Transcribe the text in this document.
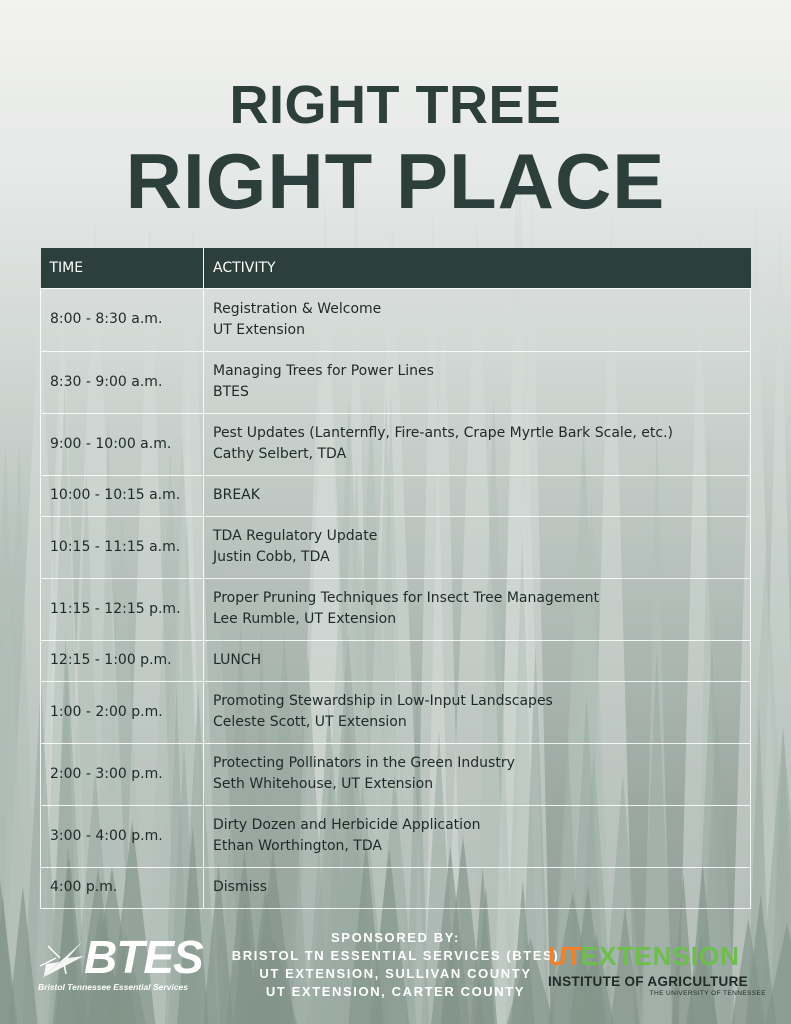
RIGHT TREE
RIGHT PLACE
TIME	ACTIVITY
8:00 - 8:30 a.m.	Registration & Welcome
UT Extension

8:30 - 9:00 a.m.	Managing Trees for Power Lines
BTES

9:00 - 10:00 a.m.	Pest Updates (Lanternfly, Fire-ants, Crape Myrtle Bark Scale, etc.)
Cathy Selbert, TDA

10:00 - 10:15 a.m.	BREAK

10:15 - 11:15 a.m.	TDA Regulatory Update
Justin Cobb, TDA

11:15 - 12:15 p.m.	Proper Pruning Techniques for Insect Tree Management
Lee Rumble, UT Extension

12:15 - 1:00 p.m.	LUNCH

1:00 - 2:00 p.m.	Promoting Stewardship in Low-Input Landscapes
Celeste Scott, UT Extension

2:00 - 3:00 p.m.	Protecting Pollinators in the Green Industry
Seth Whitehouse, UT Extension

3:00 - 4:00 p.m.	Dirty Dozen and Herbicide Application
Ethan Worthington, TDA

4:00 p.m.	Dismiss
BTES
Bristol Tennessee Essential Services
SPONSORED BY:
BRISTOL TN ESSENTIAL SERVICES (BTES)
UT EXTENSION, SULLIVAN COUNTY
UT EXTENSION, CARTER COUNTY
UTEXTENSION
INSTITUTE OF AGRICULTURE
THE UNIVERSITY OF TENNESSEE
